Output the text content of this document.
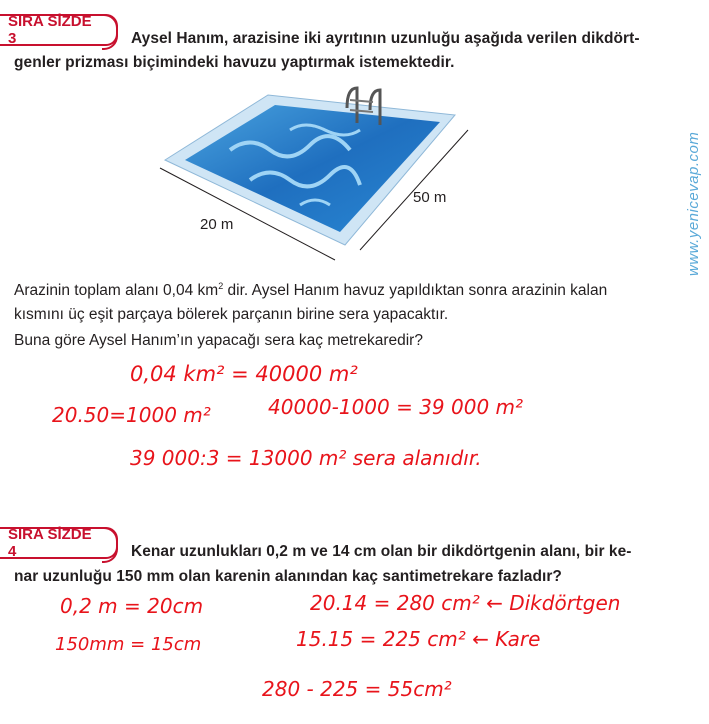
SIRA SİZDE 3	Aysel Hanım, arazisine iki ayrıtının uzunluğu aşağıda verilen dikdört-
genler prizması biçimindeki havuzu yaptırmak istemektedir.
20 m
50 m
Arazinin toplam alanı 0,04 $km^2$ dir. Aysel Hanım havuz yapıldıktan sonra arazinin kalan
kısmını üç eşit parçaya bölerek parçanın birine sera yapacaktır.
Buna göre Aysel Hanım’ın yapacağı sera kaç metrekaredir?
0,04 km² = 40000 m²
20.50=1000 m²	40000-1000 = 39 000 m²
39 000:3 = 13000 m² sera alanıdır.
SIRA SİZDE 4	Kenar uzunlukları 0,2 m ve 14 cm olan bir dikdörtgenin alanı, bir ke-
nar uzunluğu 150 mm olan karenin alanından kaç santimetrekare fazladır?
0,2 m = 20cm	20.14 = 280 cm² ← Dikdörtgen
150mm = 15cm	15.15 = 225 cm² ← Kare
280 - 225 = 55cm²
www.yenicevap.com
